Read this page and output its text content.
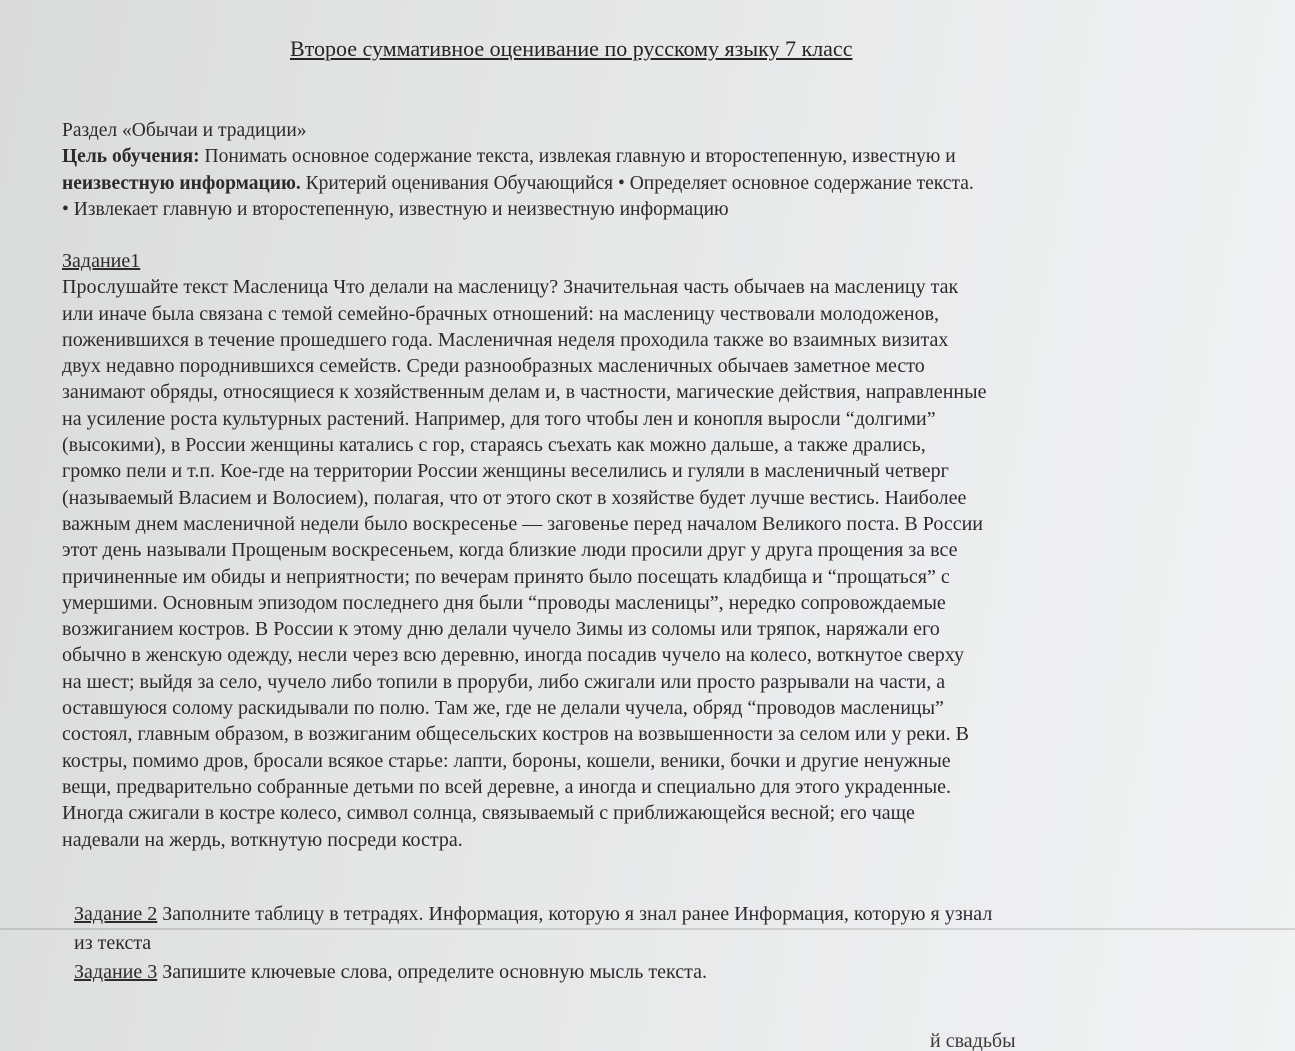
Второе суммативное оценивание по русскому языку 7 класс
Раздел «Обычаи и традиции»
Цель обучения: Понимать основное содержание текста, извлекая главную и второстепенную, известную и
неизвестную информацию. Критерий оценивания Обучающийся • Определяет основное содержание текста.
• Извлекает главную и второстепенную, известную и неизвестную информацию
Задание1
Прослушайте текст Масленица Что делали на масленицу? Значительная часть обычаев на масленицу так
или иначе была связана с темой семейно-брачных отношений: на масленицу чествовали молодоженов,
поженившихся в течение прошедшего года. Масленичная неделя проходила также во взаимных визитах
двух недавно породнившихся семейств. Среди разнообразных масленичных обычаев заметное место
занимают обряды, относящиеся к хозяйственным делам и, в частности, магические действия, направленные
на усиление роста культурных растений. Например, для того чтобы лен и конопля выросли “долгими”
(высокими), в России женщины катались с гор, стараясь съехать как можно дальше, а также дрались,
громко пели и т.п. Кое-где на территории России женщины веселились и гуляли в масленичный четверг
(называемый Власием и Волосием), полагая, что от этого скот в хозяйстве будет лучше вестись. Наиболее
важным днем масленичной недели было воскресенье — заговенье перед началом Великого поста. В России
этот день называли Прощеным воскресеньем, когда близкие люди просили друг у друга прощения за все
причиненные им обиды и неприятности; по вечерам принято было посещать кладбища и “прощаться” с
умершими. Основным эпизодом последнего дня были “проводы масленицы”, нередко сопровождаемые
возжиганием костров. В России к этому дню делали чучело Зимы из соломы или тряпок, наряжали его
обычно в женскую одежду, несли через всю деревню, иногда посадив чучело на колесо, воткнутое сверху
на шест; выйдя за село, чучело либо топили в проруби, либо сжигали или просто разрывали на части, а
оставшуюся солому раскидывали по полю. Там же, где не делали чучела, обряд “проводов масленицы”
состоял, главным образом, в возжиганим общесельских костров на возвышенности за селом или у реки. В
костры, помимо дров, бросали всякое старье: лапти, бороны, кошели, веники, бочки и другие ненужные
вещи, предварительно собранные детьми по всей деревне, а иногда и специально для этого украденные.
Иногда сжигали в костре колесо, символ солнца, связываемый с приближающейся весной; его чаще
надевали на жердь, воткнутую посреди костра.
Задание 2 Заполните таблицу в тетрадях. Информация, которую я знал ранее Информация, которую я узнал
из текста
Задание 3 Запишите ключевые слова, определите основную мысль текста.
й свадьбы
